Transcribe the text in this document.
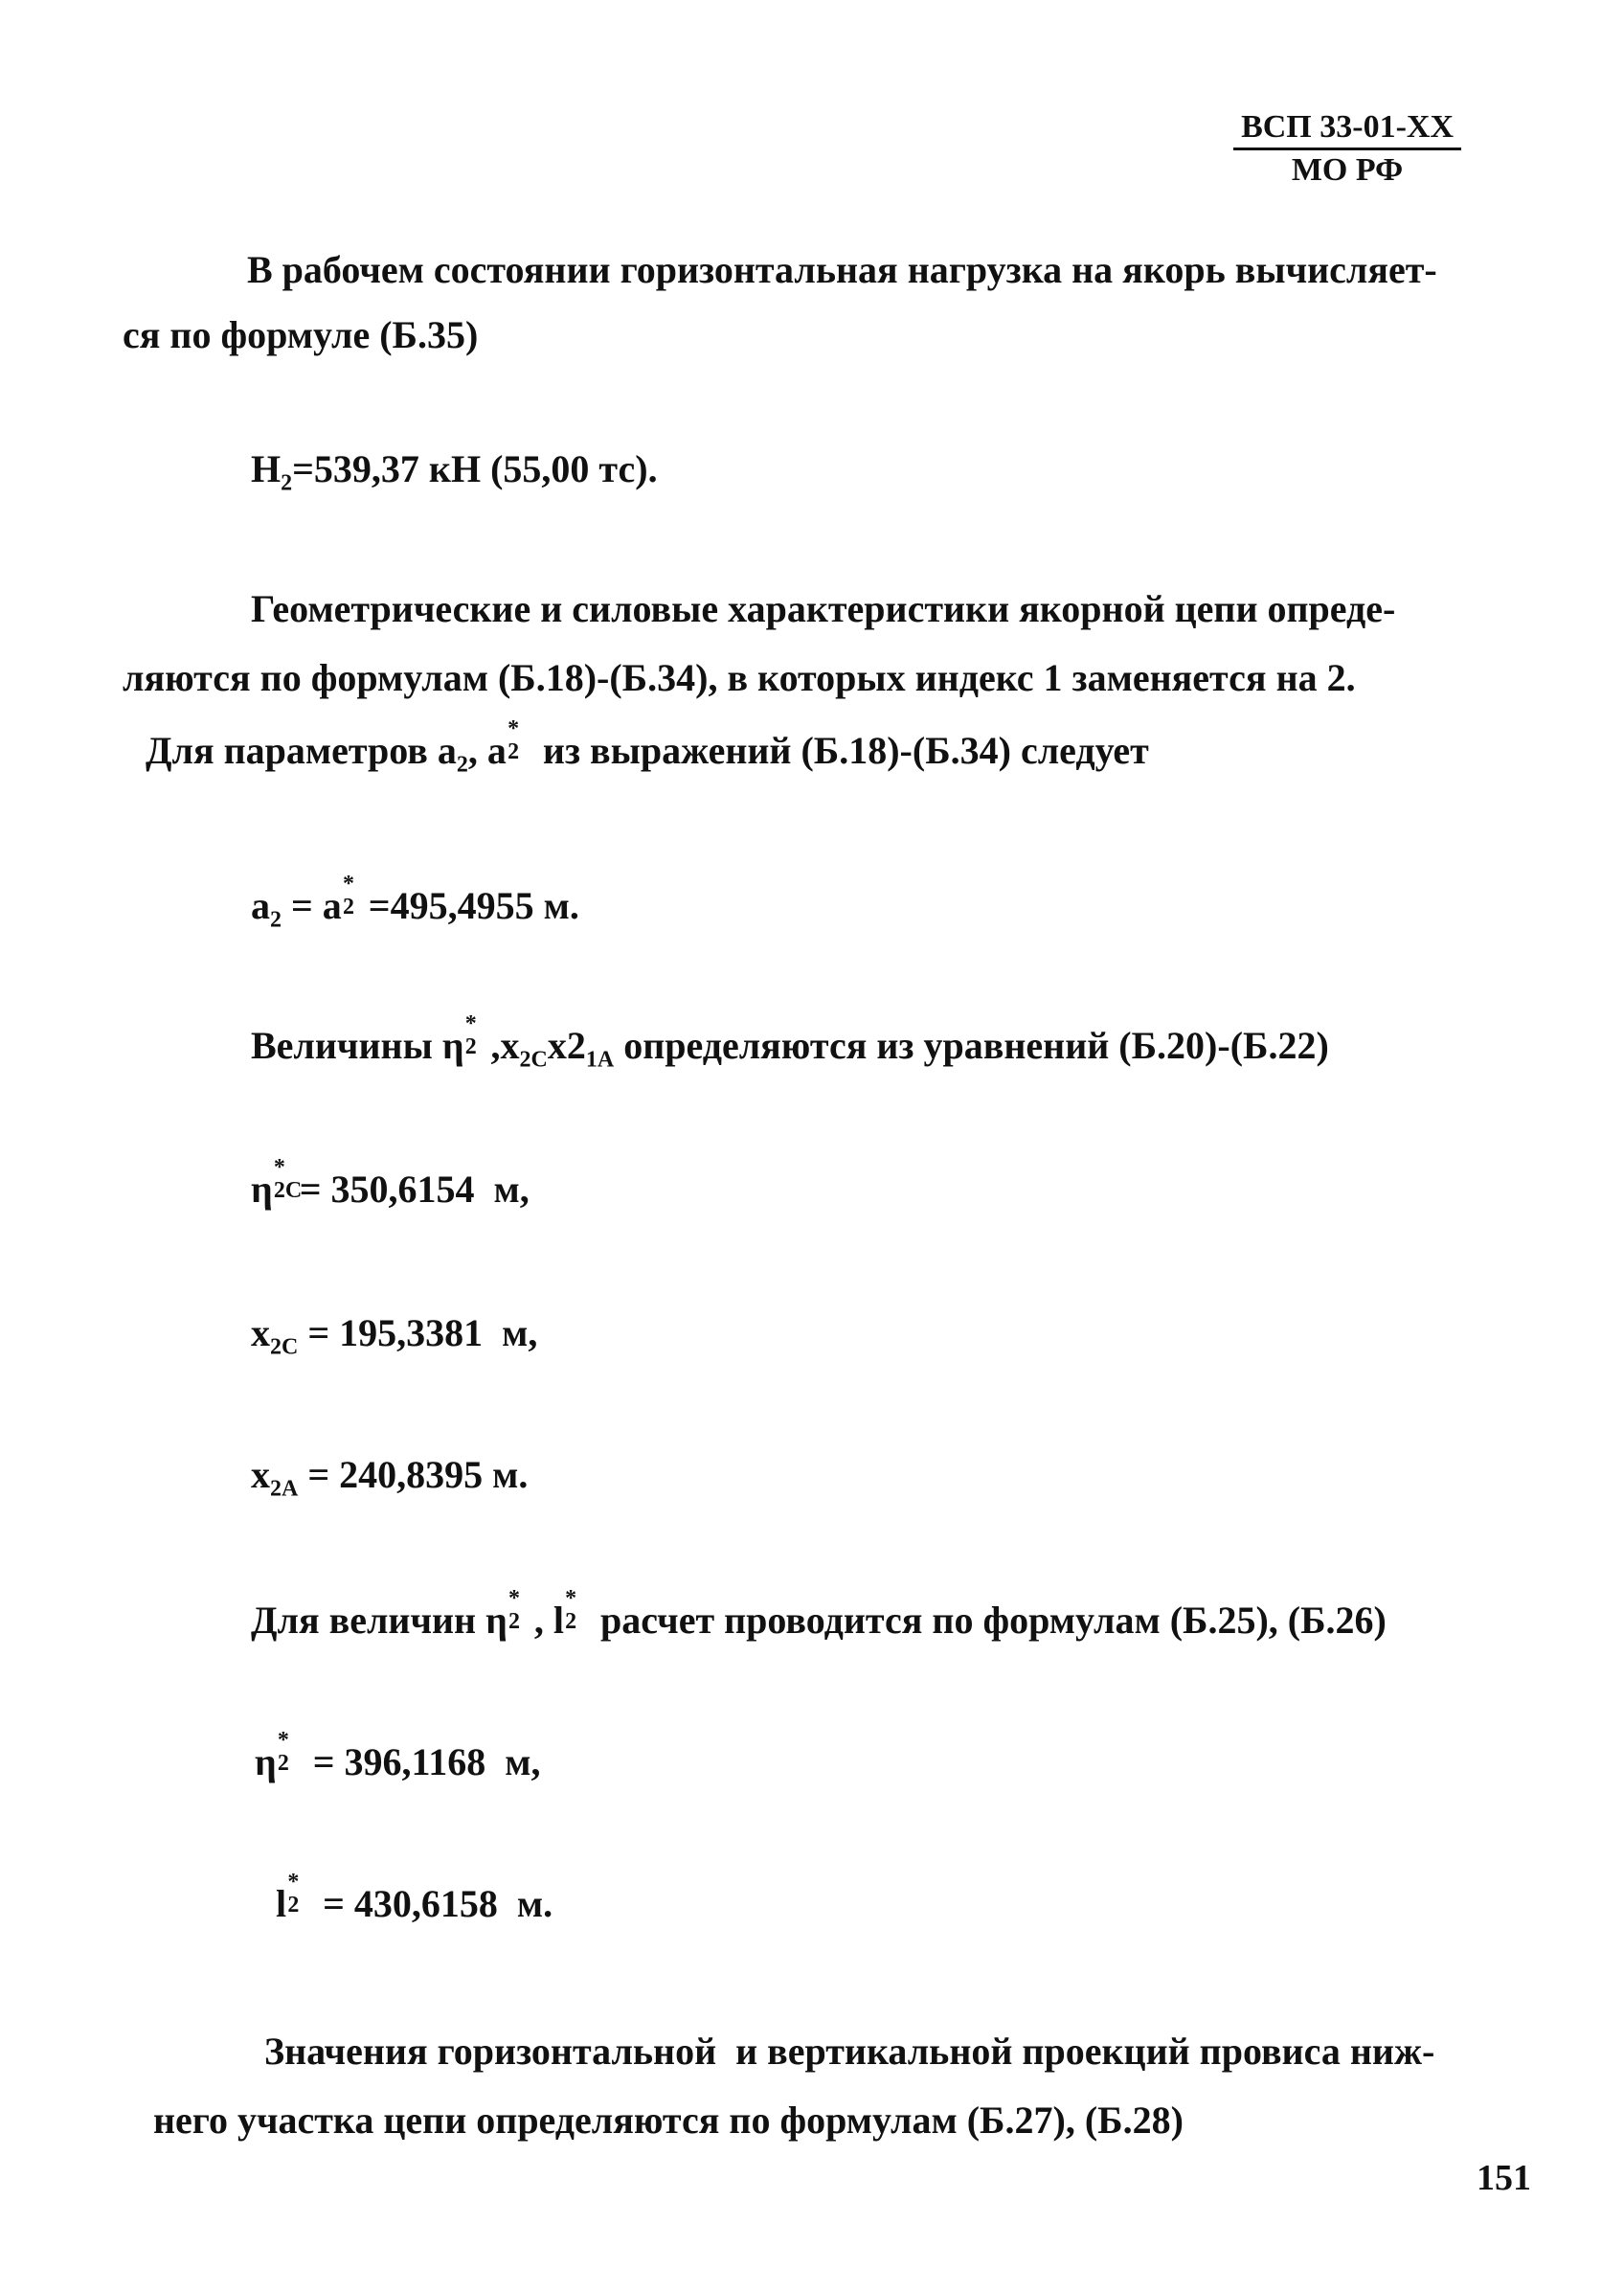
ВСП 33-01-XX
МО РФ
В рабочем состоянии горизонтальная нагрузка на якорь вычисляет-
ся по формуле (Б.35)
$H_2=539,37$ кН (55,00 тс).
Геометрические и силовые характеристики якорной цепи опреде-
ляются по формулам (Б.18)-(Б.34), в которых индекс 1 заменяется на 2.
Для параметров $a_2$, a *
2 из выражений (Б.18)-(Б.34) следует
$a_2 = a$ *
2 =495,4955 м.
Величины η *
2 $,x_{2С}x2_{1А}$ определяются из уравнений (Б.20)-(Б.22)
η *
2С
= 350,6154  м,
$x_{2С} = 195,3381$  м,
$x_{2А} = 240,8395$ м.
Для величин η *
2 , l *
2 расчет проводится по формулам (Б.25), (Б.26)
η *
2 = 396,1168  м,
l *
2 = 430,6158  м.
Значения горизонтальной  и вертикальной проекций провиса ниж-
него участка цепи определяются по формулам (Б.27), (Б.28)
151
